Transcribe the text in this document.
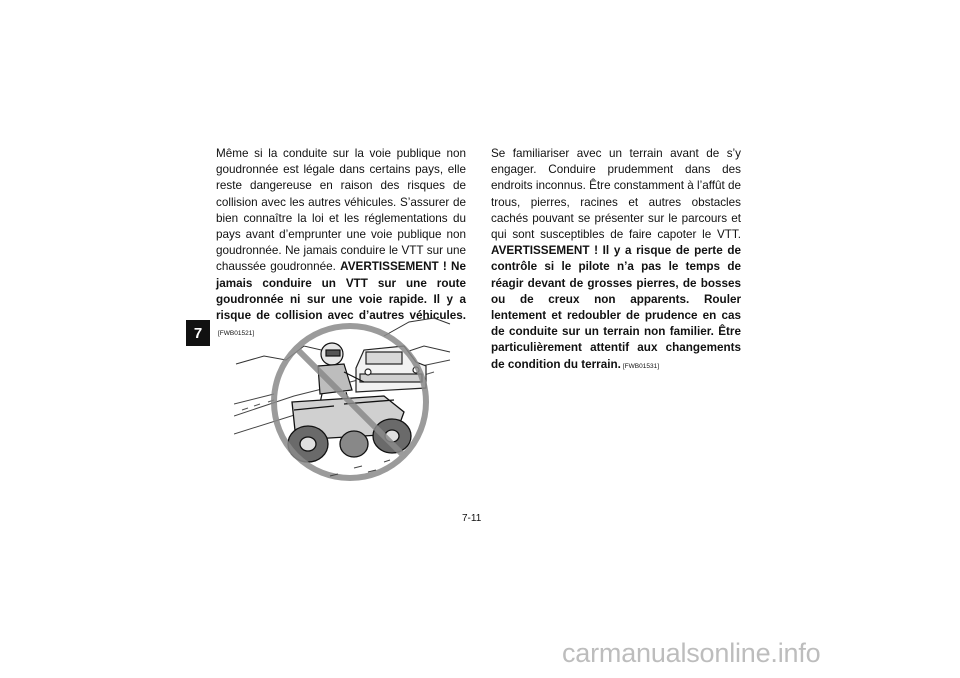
7

Même si la conduite sur la voie publique non goudronnée est légale dans certains pays, elle reste dangereuse en raison des risques de collision avec les autres véhicules. S’assurer de bien connaître la loi et les réglementations du pays avant d’emprunter une voie publique non goudronnée. Ne jamais conduire le VTT sur une chaussée goudronnée. AVERTISSEMENT ! Ne jamais conduire un VTT sur une route goudronnée ni sur une voie rapide. Il y a risque de collision avec d’autres véhicules.[FWB01521]

Se familiariser avec un terrain avant de s’y engager. Conduire prudemment dans des endroits inconnus. Être constamment à l’affût de trous, pierres, racines et autres obstacles cachés pouvant se présenter sur le parcours et qui sont susceptibles de faire capoter le VTT. AVERTISSEMENT ! Il y a risque de perte de contrôle si le pilote n’a pas le temps de réagir devant de grosses pierres, de bosses ou de creux non apparents. Rouler lentement et redoubler de prudence en cas de conduite sur un terrain non familier. Être particulièrement attentif aux changements de condition du terrain. [FWB01531]

7-11
carmanualsonline.info
